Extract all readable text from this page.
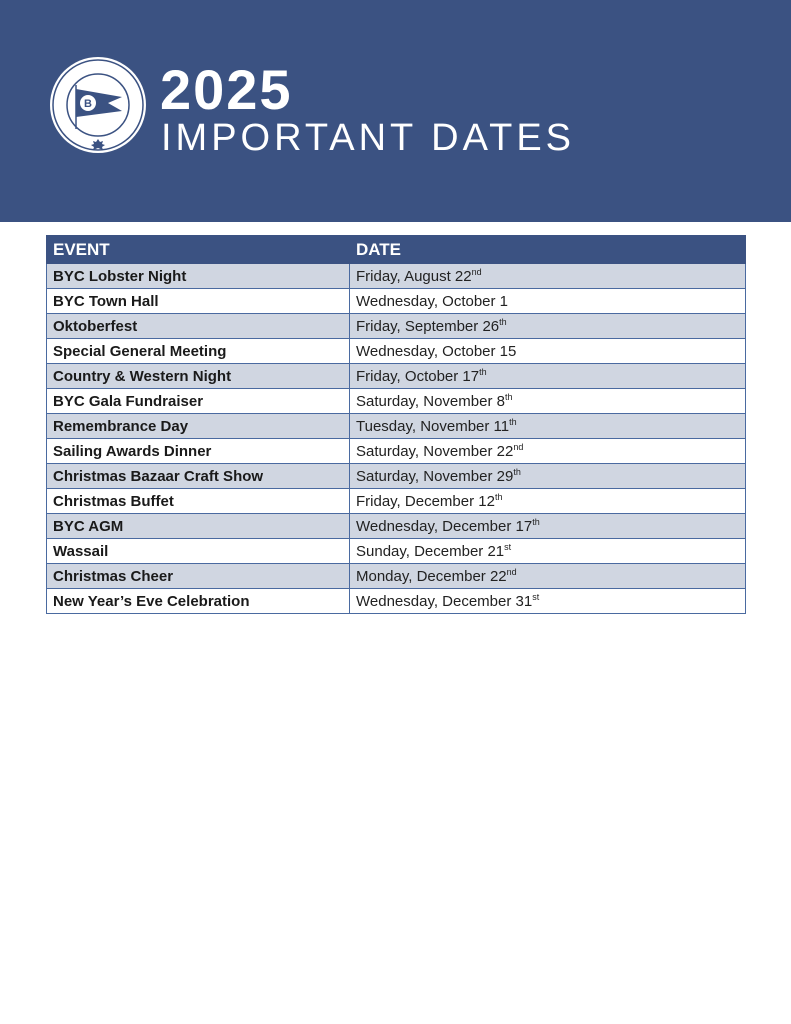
B 2025
IMPORTANT DATES
EVENT	DATE
BYC Lobster Night	Friday, August 22nd
BYC Town Hall	Wednesday, October 1
Oktoberfest	Friday, September 26th
Special General Meeting	Wednesday, October 15
Country & Western Night	Friday, October 17th
BYC Gala Fundraiser	Saturday, November 8th
Remembrance Day	Tuesday, November 11th
Sailing Awards Dinner	Saturday, November 22nd
Christmas Bazaar Craft Show	Saturday, November 29th
Christmas Buffet	Friday, December 12th
BYC AGM	Wednesday, December 17th
Wassail	Sunday, December 21st
Christmas Cheer	Monday, December 22nd
New Year’s Eve Celebration	Wednesday, December 31st
